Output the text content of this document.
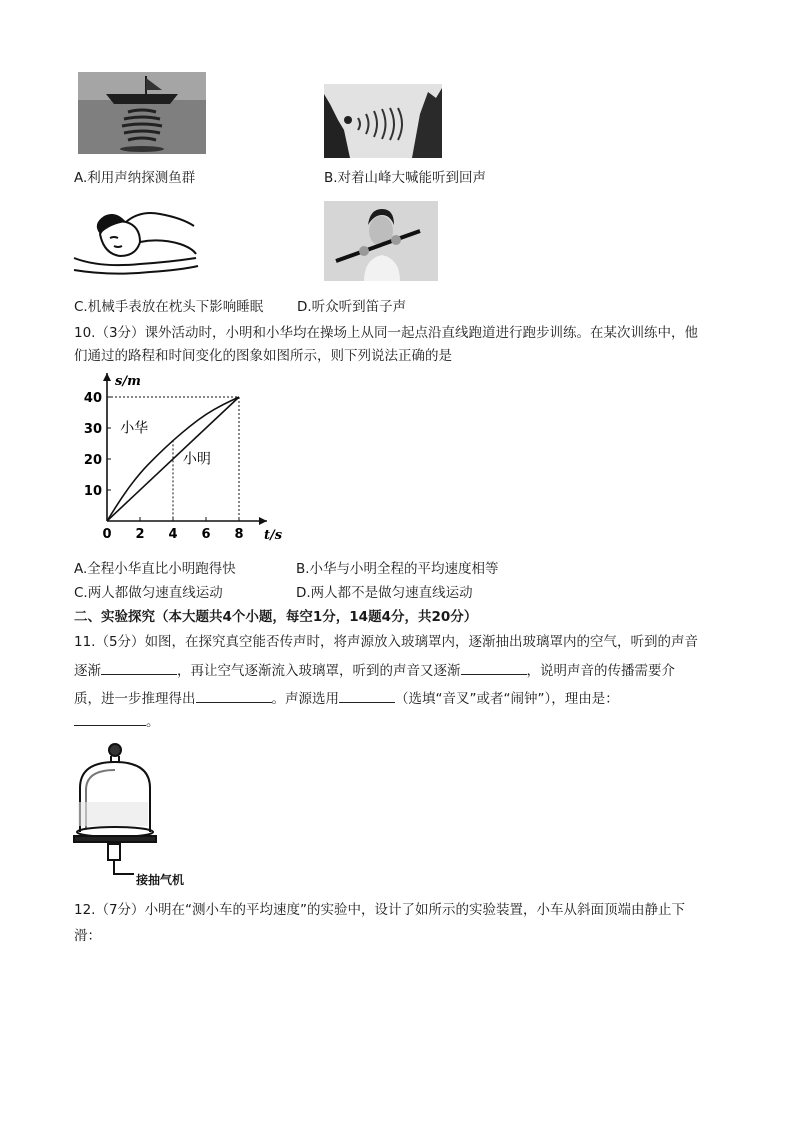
A.利用声纳探测鱼群	B.对着山峰大喊能听到回声
C.机械手表放在枕头下影响睡眠	D.听众听到笛子声
10.（3分）课外活动时，小明和小华均在操场上从同一起点沿直线跑道进行跑步训练。在某次训练中，他
们通过的路程和时间变化的图象如图所示，则下列说法正确的是
0 2 4 6 8
10
20
30
40
t/s
s/m
小华
小明
A.全程小华直比小明跑得快	B.小华与小明全程的平均速度相等
C.两人都做匀速直线运动	D.两人都不是做匀速直线运动
二、实验探究（本大题共4个小题，每空1分，14题4分，共20分）
11.（5分）如图，在探究真空能否传声时，将声源放入玻璃罩内，逐渐抽出玻璃罩内的空气，听到的声音
逐渐	，再让空气逐渐流入玻璃罩，听到的声音又逐渐	，说明声音的传播需要介
质，进一步推理得出	。声源选用	（选填“音叉”或者“闹钟”），理由是：
。
接抽气机
12.（7分）小明在“测小车的平均速度”的实验中，设计了如所示的实验装置，小车从斜面顶端由静止下
滑：
